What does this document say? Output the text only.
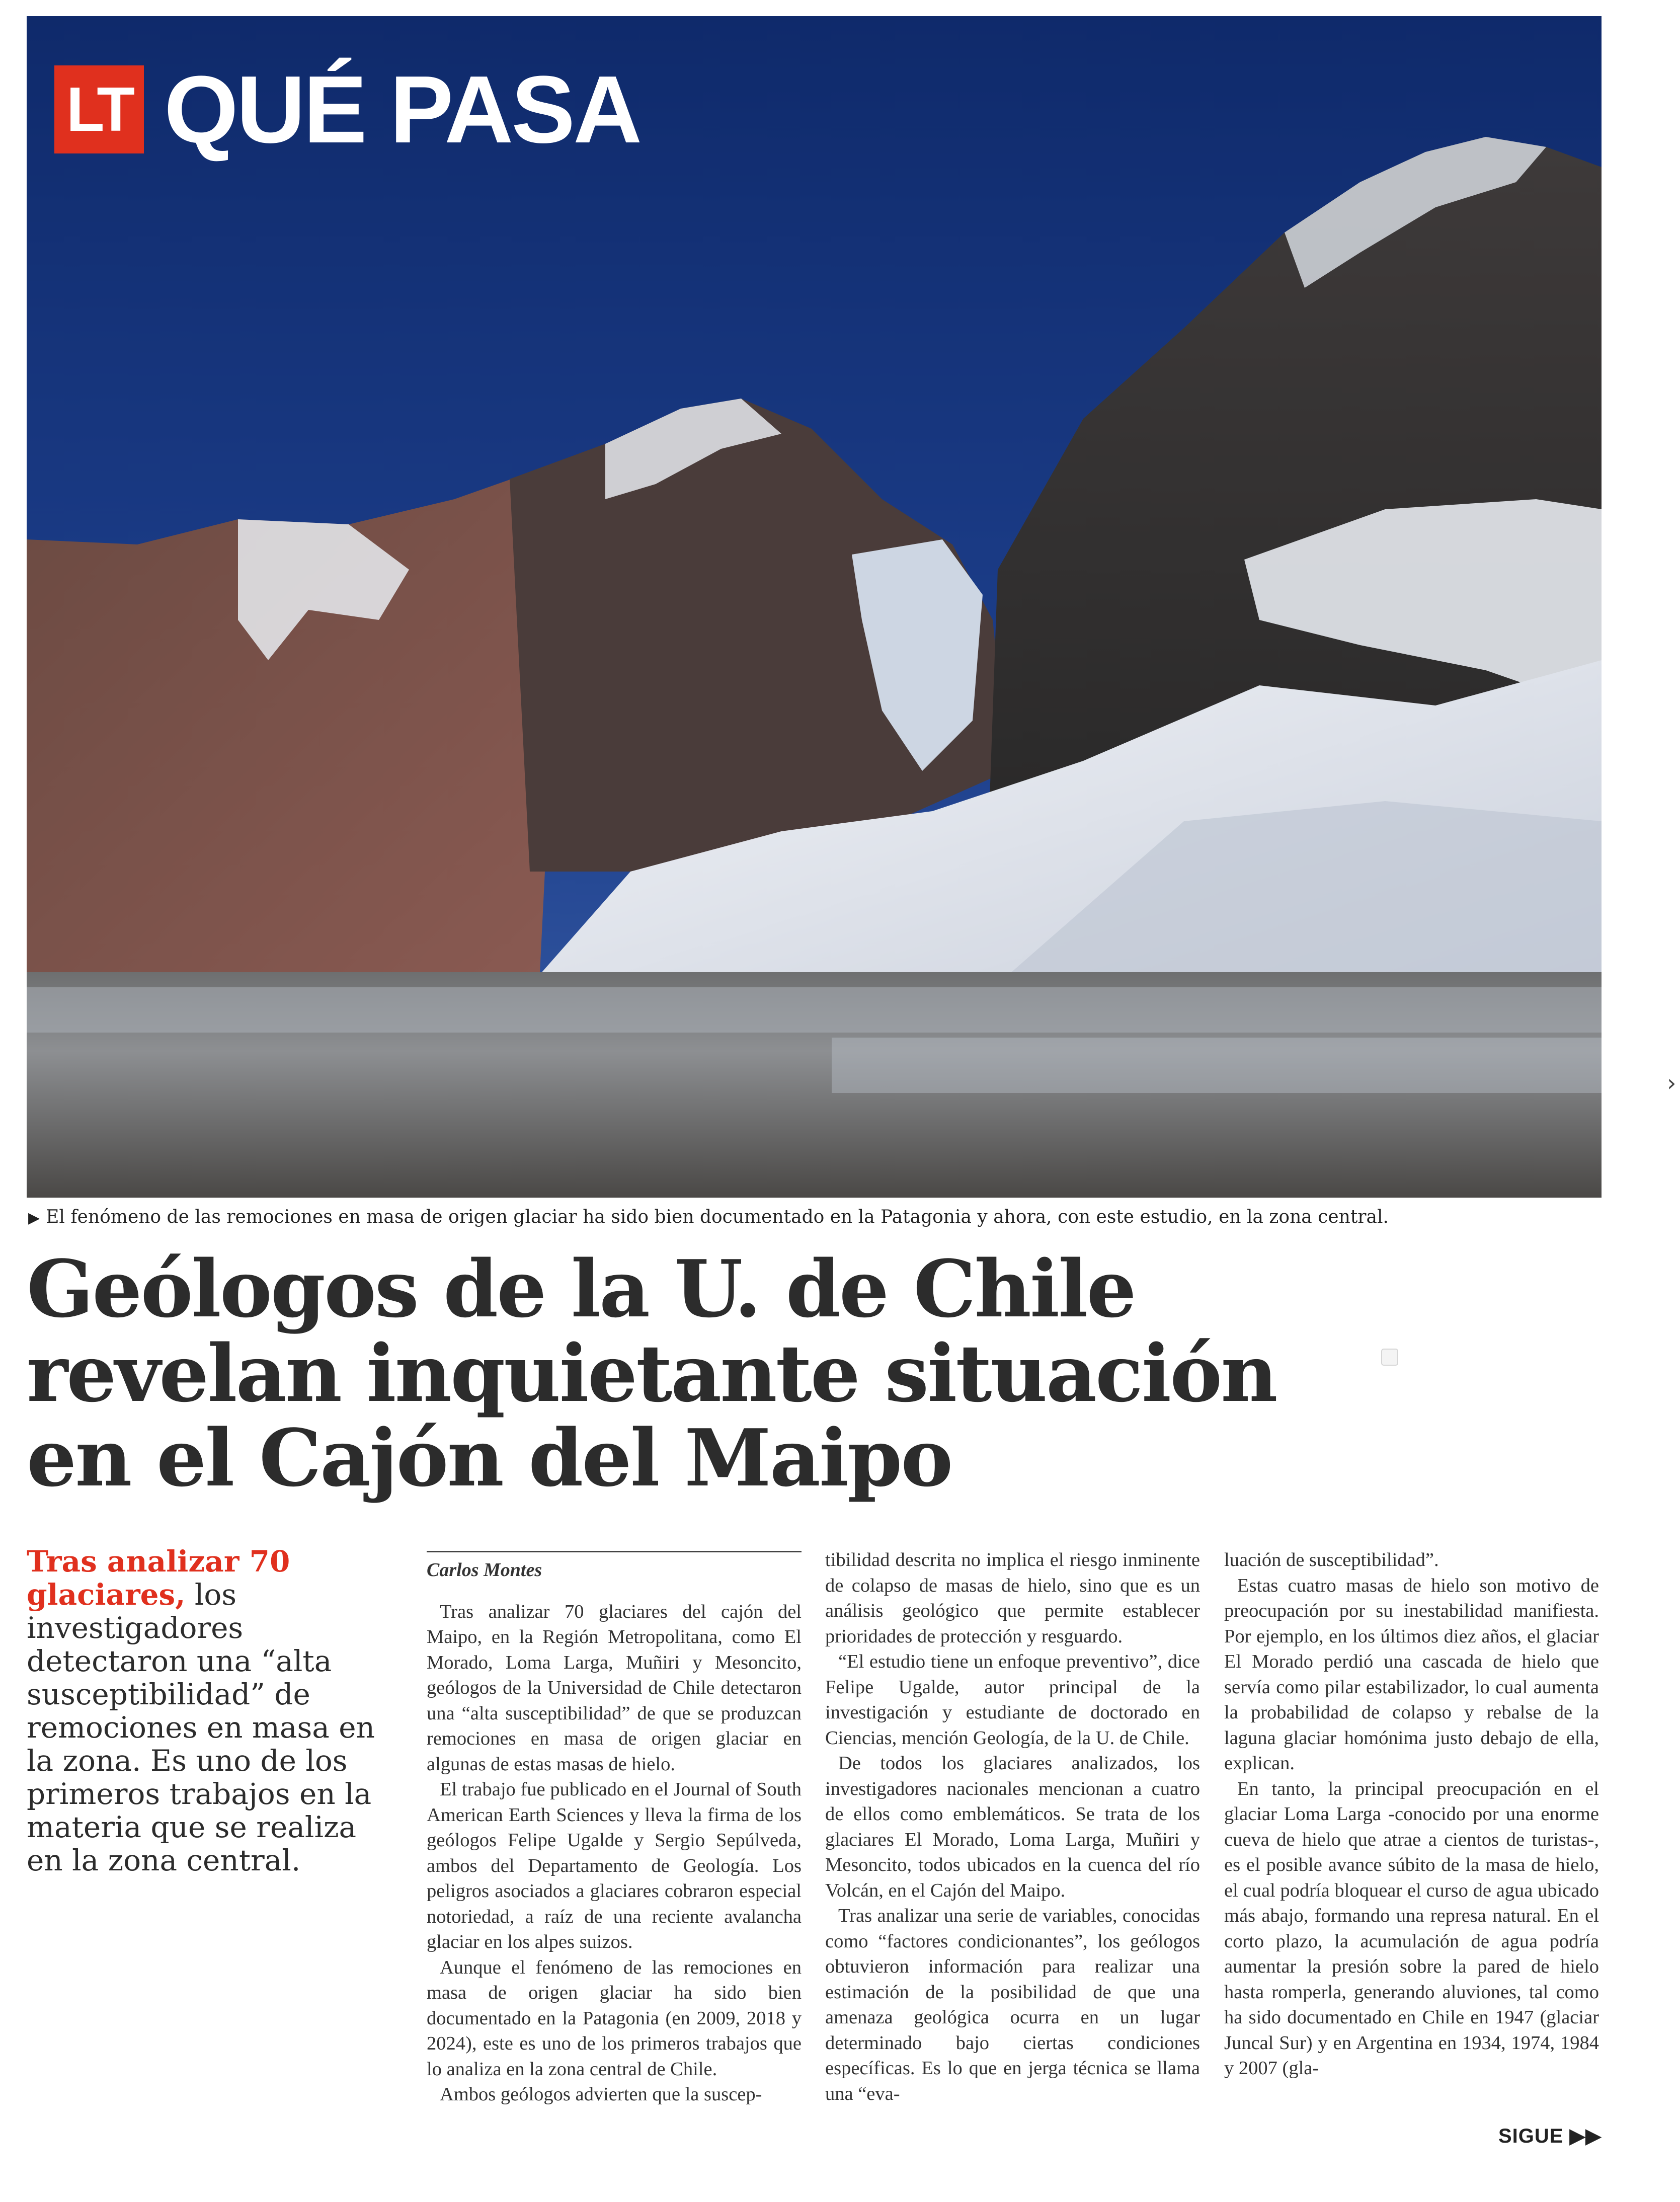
LT QUÉ PASA
▶ El fenómeno de las remociones en masa de origen glaciar ha sido bien documentado en la Patagonia y ahora, con este estudio, en la zona central.
Geólogos de la U. de Chile
revelan inquietante situación
en el Cajón del Maipo
›
Tras analizar 70 glaciares, los investigadores detectaron una “alta susceptibilidad” de remociones en masa en la zona. Es uno de los primeros trabajos en la materia que se realiza en la zona central.
Carlos Montes

Tras analizar 70 glaciares del cajón del Maipo, en la Región Metropolitana, como El Morado, Loma Larga, Muñiri y Mesoncito, geólogos de la Universidad de Chile detectaron una “alta susceptibilidad” de que se produzcan remociones en masa de origen glaciar en algunas de estas masas de hielo.

El trabajo fue publicado en el Journal of South American Earth Sciences y lleva la firma de los geólogos Felipe Ugalde y Sergio Sepúlveda, ambos del Departamento de Geología. Los peligros asociados a glaciares cobraron especial notoriedad, a raíz de una reciente avalancha glaciar en los alpes suizos.

Aunque el fenómeno de las remociones en masa de origen glaciar ha sido bien documentado en la Patagonia (en 2009, 2018 y 2024), este es uno de los primeros trabajos que lo analiza en la zona central de Chile.

Ambos geólogos advierten que la suscep-

tibilidad descrita no implica el riesgo inminente de colapso de masas de hielo, sino que es un análisis geológico que permite establecer prioridades de protección y resguardo.

“El estudio tiene un enfoque preventivo”, dice Felipe Ugalde, autor principal de la investigación y estudiante de doctorado en Ciencias, mención Geología, de la U. de Chile.

De todos los glaciares analizados, los investigadores nacionales mencionan a cuatro de ellos como emblemáticos. Se trata de los glaciares El Morado, Loma Larga, Muñiri y Mesoncito, todos ubicados en la cuenca del río Volcán, en el Cajón del Maipo.

Tras analizar una serie de variables, conocidas como “factores condicionantes”, los geólogos obtuvieron información para realizar una estimación de la posibilidad de que una amenaza geológica ocurra en un lugar determinado bajo ciertas condiciones específicas. Es lo que en jerga técnica se llama una “eva-

luación de susceptibilidad”.

Estas cuatro masas de hielo son motivo de preocupación por su inestabilidad manifiesta. Por ejemplo, en los últimos diez años, el glaciar El Morado perdió una cascada de hielo que servía como pilar estabilizador, lo cual aumenta la probabilidad de colapso y rebalse de la laguna glaciar homónima justo debajo de ella, explican.

En tanto, la principal preocupación en el glaciar Loma Larga -conocido por una enorme cueva de hielo que atrae a cientos de turistas-, es el posible avance súbito de la masa de hielo, el cual podría bloquear el curso de agua ubicado más abajo, formando una represa natural. En el corto plazo, la acumulación de agua podría aumentar la presión sobre la pared de hielo hasta romperla, generando aluviones, tal como ha sido documentado en Chile en 1947 (glaciar Juncal Sur) y en Argentina en 1934, 1974, 1984 y 2007 (gla-

SIGUE ▶▶
